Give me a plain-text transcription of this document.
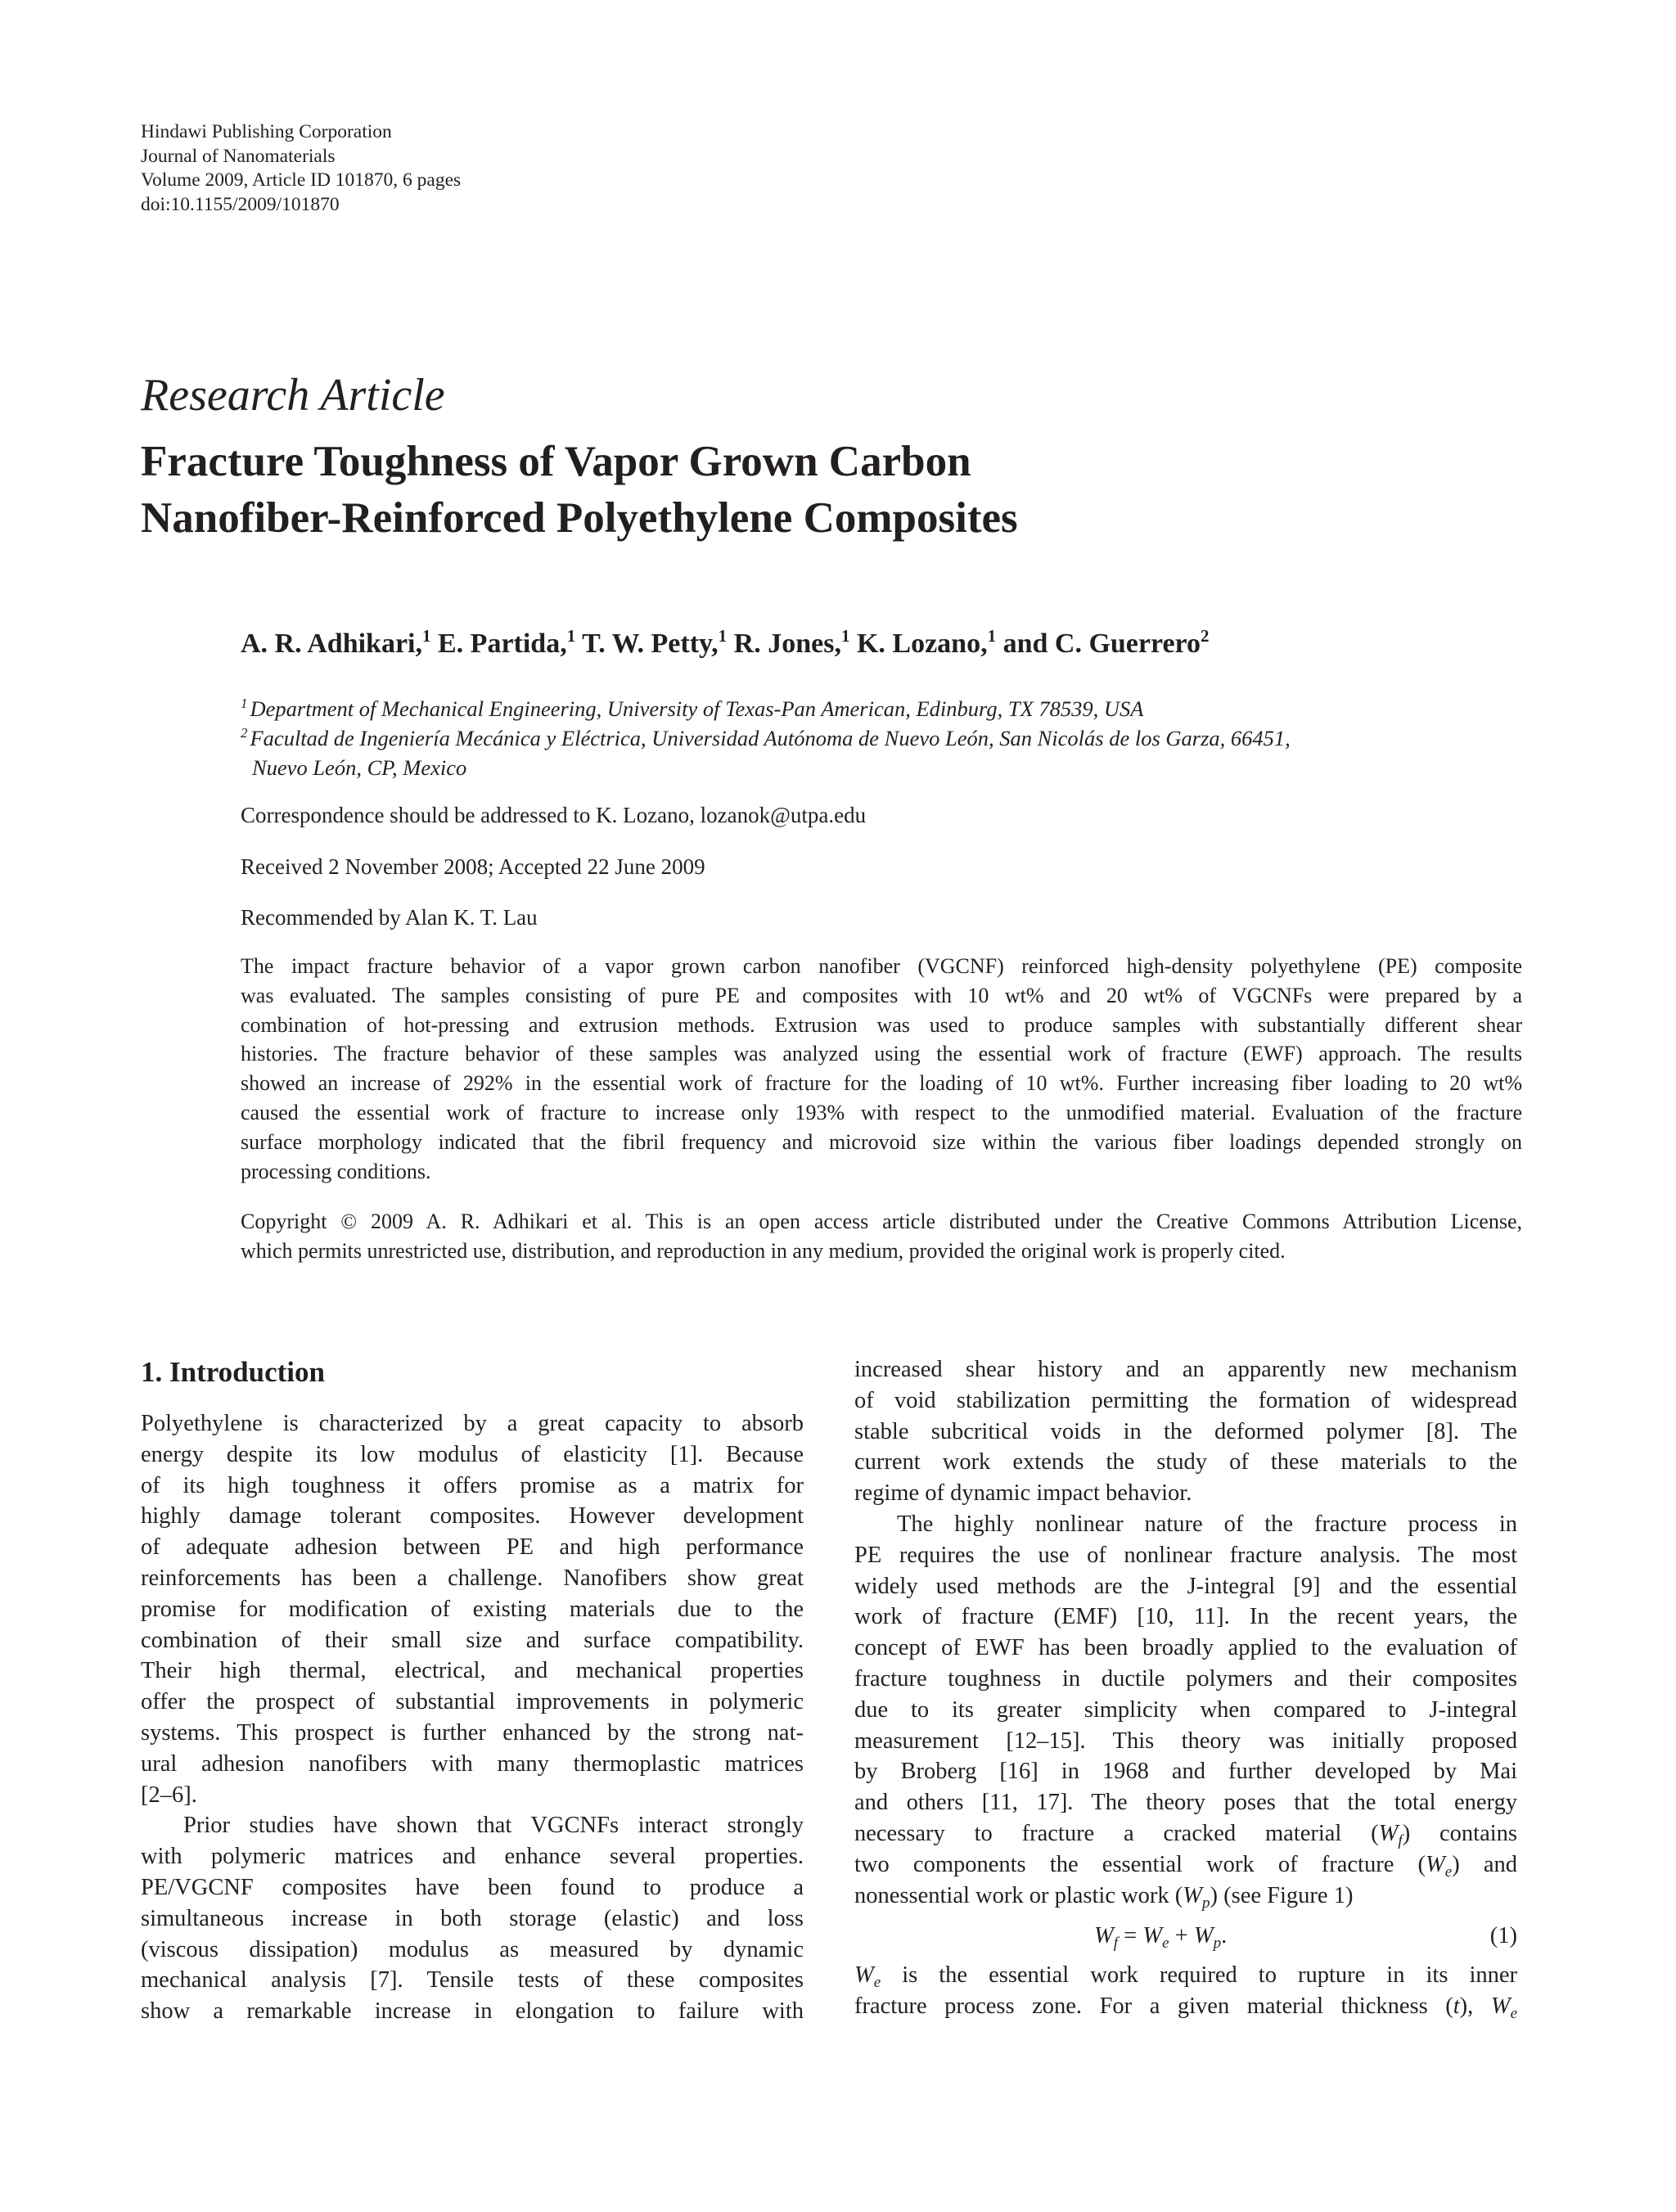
Hindawi Publishing Corporation
Journal of Nanomaterials
Volume 2009, Article ID 101870, 6 pages
doi:10.1155/2009/101870
Research Article
Fracture Toughness of Vapor Grown Carbon
Nanofiber-Reinforced Polyethylene Composites
A. R. Adhikari,$^1$ E. Partida,$^1$ T. W. Petty,$^1$ R. Jones,$^1$ K. Lozano,$^1$ and C. Guerrero$^2$
$^1$ Department of Mechanical Engineering, University of Texas-Pan American, Edinburg, TX 78539, USA
$^2$ Facultad de Ingeniería Mecánica y Eléctrica, Universidad Autónoma de Nuevo León, San Nicolás de los Garza, 66451,
Nuevo León, CP, Mexico
Correspondence should be addressed to K. Lozano, lozanok@utpa.edu
Received 2 November 2008; Accepted 22 June 2009
Recommended by Alan K. T. Lau
The impact fracture behavior of a vapor grown carbon nanofiber (VGCNF) reinforced high-density polyethylene (PE) composite
was evaluated. The samples consisting of pure PE and composites with 10 wt% and 20 wt% of VGCNFs were prepared by a
combination of hot-pressing and extrusion methods. Extrusion was used to produce samples with substantially different shear
histories. The fracture behavior of these samples was analyzed using the essential work of fracture (EWF) approach. The results
showed an increase of 292% in the essential work of fracture for the loading of 10 wt%. Further increasing fiber loading to 20 wt%
caused the essential work of fracture to increase only 193% with respect to the unmodified material. Evaluation of the fracture
surface morphology indicated that the fibril frequency and microvoid size within the various fiber loadings depended strongly on
processing conditions.
Copyright © 2009 A. R. Adhikari et al. This is an open access article distributed under the Creative Commons Attribution License,
which permits unrestricted use, distribution, and reproduction in any medium, provided the original work is properly cited.
1. Introduction
Polyethylene is characterized by a great capacity to absorb
energy despite its low modulus of elasticity [1]. Because
of its high toughness it offers promise as a matrix for
highly damage tolerant composites. However development
of adequate adhesion between PE and high performance
reinforcements has been a challenge. Nanofibers show great
promise for modification of existing materials due to the
combination of their small size and surface compatibility.
Their high thermal, electrical, and mechanical properties
offer the prospect of substantial improvements in polymeric
systems. This prospect is further enhanced by the strong nat-
ural adhesion nanofibers with many thermoplastic matrices
[2–6].
Prior studies have shown that VGCNFs interact strongly
with polymeric matrices and enhance several properties.
PE/VGCNF composites have been found to produce a
simultaneous increase in both storage (elastic) and loss
(viscous dissipation) modulus as measured by dynamic
mechanical analysis [7]. Tensile tests of these composites
show a remarkable increase in elongation to failure with
increased shear history and an apparently new mechanism
of void stabilization permitting the formation of widespread
stable subcritical voids in the deformed polymer [8]. The
current work extends the study of these materials to the
regime of dynamic impact behavior.
The highly nonlinear nature of the fracture process in
PE requires the use of nonlinear fracture analysis. The most
widely used methods are the J-integral [9] and the essential
work of fracture (EMF) [10, 11]. In the recent years, the
concept of EWF has been broadly applied to the evaluation of
fracture toughness in ductile polymers and their composites
due to its greater simplicity when compared to J-integral
measurement [12–15]. This theory was initially proposed
by Broberg [16] in 1968 and further developed by Mai
and others [11, 17]. The theory poses that the total energy
necessary to fracture a cracked material $(W_f)$ contains
two components the essential work of fracture $(W_e)$ and
nonessential work or plastic work $(W_p)$ (see Figure 1)
$W_f = W_e + W_p$.	(1)
$W_e$ is the essential work required to rupture in its inner
fracture process zone. For a given material thickness (t), $W_e$
